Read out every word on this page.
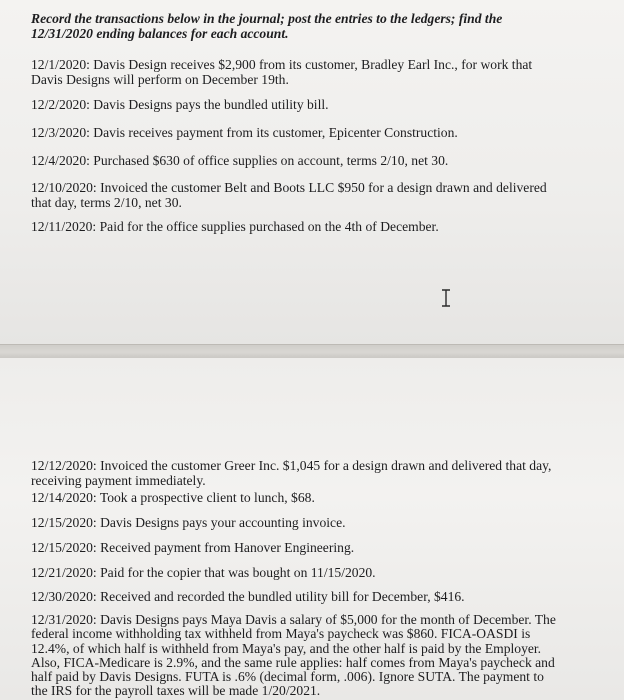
Record the transactions below in the journal; post the entries to the ledgers; find the
12/31/2020 ending balances for each account.
12/1/2020: Davis Design receives $2,900 from its customer, Bradley Earl Inc., for work that
Davis Designs will perform on December 19th.
12/2/2020: Davis Designs pays the bundled utility bill.
12/3/2020: Davis receives payment from its customer, Epicenter Construction.
12/4/2020: Purchased $630 of office supplies on account, terms 2/10, net 30.
12/10/2020: Invoiced the customer Belt and Boots LLC $950 for a design drawn and delivered
that day, terms 2/10, net 30.
12/11/2020: Paid for the office supplies purchased on the 4th of December.
12/12/2020: Invoiced the customer Greer Inc. $1,045 for a design drawn and delivered that day,
receiving payment immediately.
12/14/2020: Took a prospective client to lunch, $68.
12/15/2020: Davis Designs pays your accounting invoice.
12/15/2020: Received payment from Hanover Engineering.
12/21/2020: Paid for the copier that was bought on 11/15/2020.
12/30/2020: Received and recorded the bundled utility bill for December, $416.
12/31/2020: Davis Designs pays Maya Davis a salary of $5,000 for the month of December. The
federal income withholding tax withheld from Maya's paycheck was $860. FICA-OASDI is
12.4%, of which half is withheld from Maya's pay, and the other half is paid by the Employer.
Also, FICA-Medicare is 2.9%, and the same rule applies: half comes from Maya's paycheck and
half paid by Davis Designs. FUTA is .6% (decimal form, .006). Ignore SUTA. The payment to
the IRS for the payroll taxes will be made 1/20/2021.
